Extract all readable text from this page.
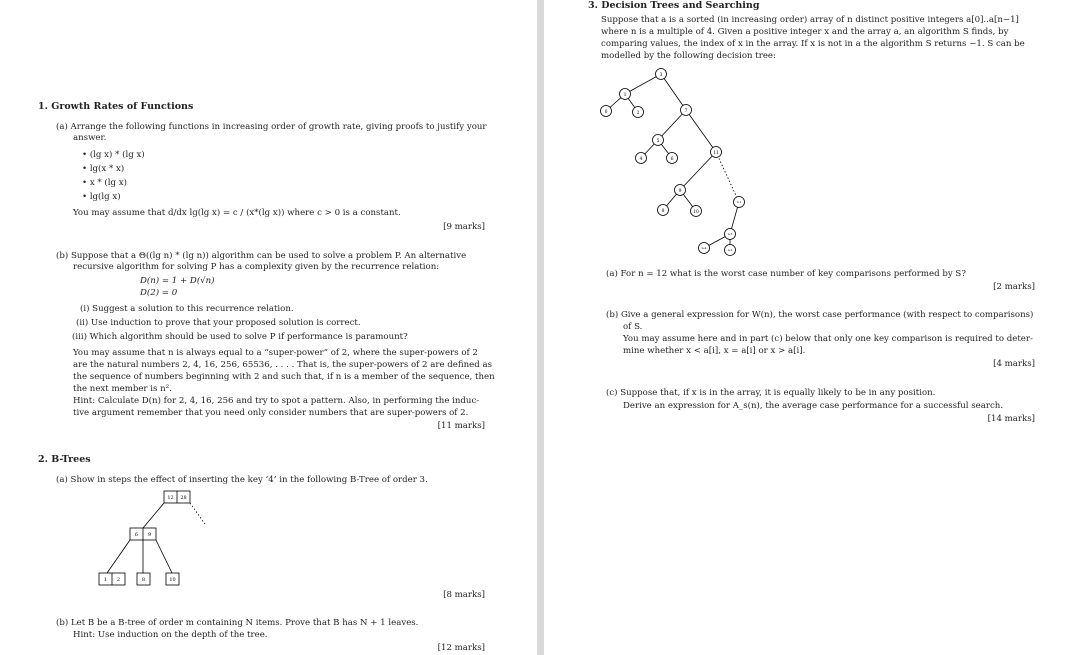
1. Growth Rates of Functions
(a) Arrange the following functions in increasing order of growth rate, giving proofs to justify your
answer.
• (lg x) * (lg x)
• lg(x * x)
• x * (lg x)
• lg(lg x)
You may assume that d/dx lg(lg x) = c / (x*(lg x)) where c > 0 is a constant.
[9 marks]
(b) Suppose that a Θ((lg n) * (lg n)) algorithm can be used to solve a problem P. An alternative
recursive algorithm for solving P has a complexity given by the recurrence relation:
D(n) = 1 + D(√n)
D(2) = 0
(i) Suggest a solution to this recurrence relation.
(ii) Use induction to prove that your proposed solution is correct.
(iii) Which algorithm should be used to solve P if performance is paramount?
You may assume that n is always equal to a “super-power” of 2, where the super-powers of 2
are the natural numbers 2, 4, 16, 256, 65536, . . . . That is, the super-powers of 2 are defined as
the sequence of numbers beginning with 2 and such that, if n is a member of the sequence, then
the next member is n².
Hint: Calculate D(n) for 2, 4, 16, 256 and try to spot a pattern. Also, in performing the induc-
tive argument remember that you need only consider numbers that are super-powers of 2.
[11 marks]
2. B-Trees
(a) Show in steps the effect of inserting the key ‘4’ in the following B-Tree of order 3.
12 28
6 9
1 2	8	10
[8 marks]
(b) Let B be a B-tree of order m containing N items. Prove that B has N + 1 leaves.
Hint: Use induction on the depth of the tree.
[12 marks]
3. Decision Trees and Searching
Suppose that a is a sorted (in increasing order) array of n distinct positive integers a[0]..a[n−1]
where n is a multiple of 4. Given a positive integer x and the array a, an algorithm S finds, by
comparing values, the index of x in the array. If x is not in a the algorithm S returns −1. S can be
modelled by the following decision tree:
3
1
0	2	7
5
4	6
11
9
8	10
n-1
n-3
n-4	n-2
(a) For n = 12 what is the worst case number of key comparisons performed by S?
[2 marks]
(b) Give a general expression for W(n), the worst case performance (with respect to comparisons)
of S.
You may assume here and in part (c) below that only one key comparison is required to deter-
mine whether x < a[i], x = a[i] or x > a[i].
[4 marks]
(c) Suppose that, if x is in the array, it is equally likely to be in any position.
Derive an expression for A_s(n), the average case performance for a successful search.
[14 marks]
